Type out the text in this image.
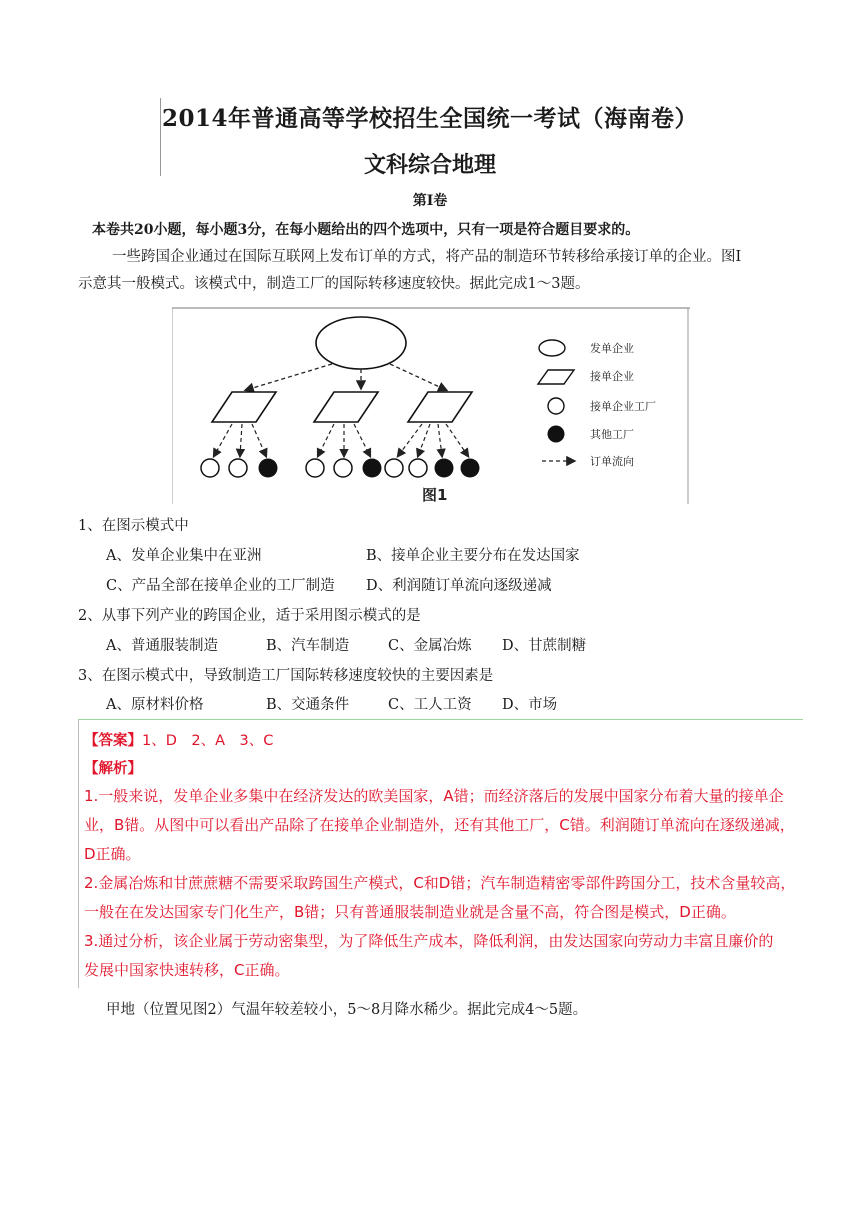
2014年普通高等学校招生全国统一考试（海南卷）
文科综合地理
第Ⅰ卷
本卷共20小题，每小题3分，在每小题给出的四个选项中，只有一项是符合题目要求的。
一些跨国企业通过在国际互联网上发布订单的方式，将产品的制造环节转移给承接订单的企业。图Ⅰ
示意其一般模式。该模式中，制造工厂的国际转移速度较快。据此完成1～3题。
图1
发单企业
接单企业
接单企业工厂
其他工厂
订单流向
1、在图示模式中
A、发单企业集中在亚洲	B、接单企业主要分布在发达国家
C、产品全部在接单企业的工厂制造 D、利润随订单流向逐级递减
2、从事下列产业的跨国企业，适于采用图示模式的是
A、普通服装制造	B、汽车制造	C、金属冶炼 D、甘蔗制糖
3、在图示模式中，导致制造工厂国际转移速度较快的主要因素是
A、原材料价格	B、交通条件	C、工人工资 D、市场
【答案】1、D　2、A　3、C
【解析】
1.一般来说，发单企业多集中在经济发达的欧美国家，A错；而经济落后的发展中国家分布着大量的接单企
业，B错。从图中可以看出产品除了在接单企业制造外，还有其他工厂，C错。利润随订单流向在逐级递减，
D正确。
2.金属冶炼和甘蔗蔗糖不需要采取跨国生产模式，C和D错；汽车制造精密零部件跨国分工，技术含量较高，
一般在在发达国家专门化生产，B错；只有普通服装制造业就是含量不高，符合图是模式，D正确。
3.通过分析，该企业属于劳动密集型，为了降低生产成本，降低利润，由发达国家向劳动力丰富且廉价的
发展中国家快速转移，C正确。
甲地（位置见图2）气温年较差较小，5～8月降水稀少。据此完成4～5题。
